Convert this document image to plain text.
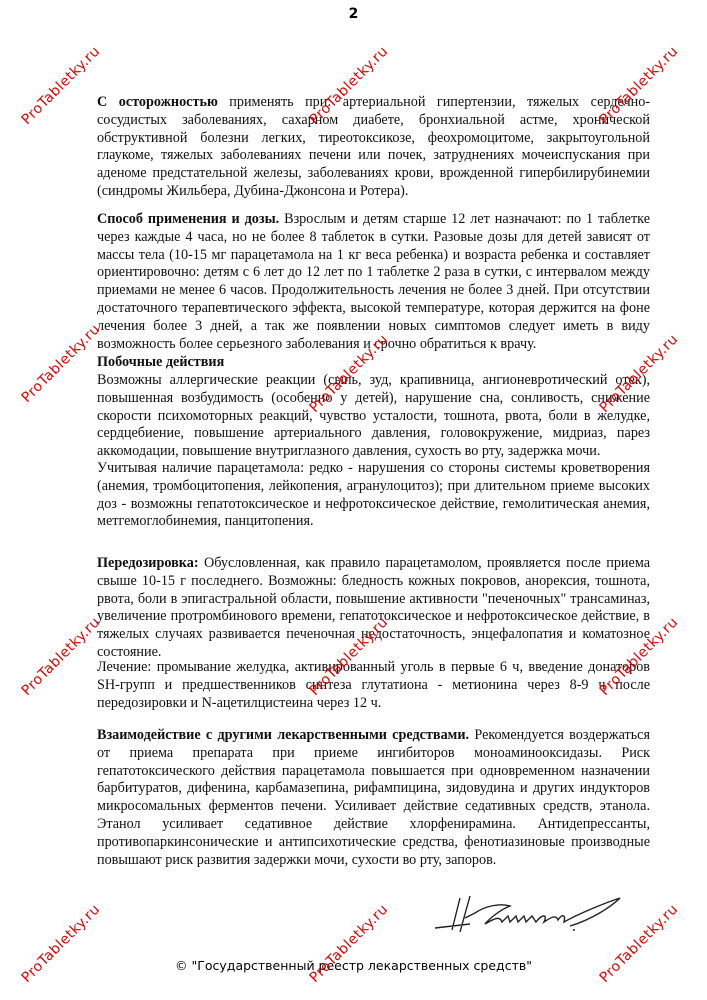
2

С осторожностью применять при: артериальной гипертензии, тяжелых сердечно-сосудистых заболеваниях, сахарном диабете, бронхиальной астме, хронической обструктивной болезни легких, тиреотоксикозе, феохромоцитоме, закрытоугольной глаукоме, тяжелых заболеваниях печени или почек, затруднениях мочеиспускания при аденоме предстательной железы, заболеваниях крови, врожденной гипербилирубинемии (синдромы Жильбера, Дубина-Джонсона и Ротера).

Способ применения и дозы. Взрослым и детям старше 12 лет назначают: по 1 таблетке через каждые 4 часа, но не более 8 таблеток в сутки. Разовые дозы для детей зависят от массы тела (10-15 мг парацетамола на 1 кг веса ребенка) и возраста ребенка и составляет ориентировочно: детям с 6 лет до 12 лет по 1 таблетке 2 раза в сутки, с интервалом между приемами не менее 6 часов. Продолжительность лечения не более 3 дней. При отсутствии достаточного терапевтического эффекта, высокой температуре, которая держится на фоне лечения более 3 дней, а так же появлении новых симптомов следует иметь в виду возможность более серьезного заболевания и срочно обратиться к врачу.

Побочные действия

Возможны аллергические реакции (сыпь, зуд, крапивница, ангионевротический отек), повышенная возбудимость (особенно у детей), нарушение сна, сонливость, снижение скорости психомоторных реакций, чувство усталости, тошнота, рвота, боли в желудке, сердцебиение, повышение артериального давления, головокружение, мидриаз, парез аккомодации, повышение внутриглазного давления, сухость во рту, задержка мочи.

Учитывая наличие парацетамола: редко - нарушения со стороны системы кроветворения (анемия, тромбоцитопения, лейкопения, агранулоцитоз); при длительном приеме высоких доз - возможны гепатотоксическое и нефротоксическое действие, гемолитическая анемия, метгемоглобинемия, панцитопения.

Передозировка: Обусловленная, как правило парацетамолом, проявляется после приема свыше 10-15 г последнего. Возможны: бледность кожных покровов, анорексия, тошнота, рвота, боли в эпигастральной области, повышение активности "печеночных" трансаминаз, увеличение протромбинового времени, гепатотоксическое и нефротоксическое действие, в тяжелых случаях развивается печеночная недостаточность, энцефалопатия и коматозное состояние.

Лечение: промывание желудка, активированный уголь в первые 6 ч, введение донаторов SH-групп и предшественников синтеза глутатиона - метионина через 8-9 ч после передозировки и N-ацетилцистеина через 12 ч.

Взаимодействие с другими лекарственными средствами. Рекомендуется воздержаться от приема препарата при приеме ингибиторов моноаминооксидазы. Риск гепатотоксического действия парацетамола повышается при одновременном назначении барбитуратов, дифенина, карбамазепина, рифампицина, зидовудина и других индукторов микросомальных ферментов печени. Усиливает действие седативных средств, этанола. Этанол усиливает седативное действие хлорфенирамина. Антидепрессанты, противопаркинсонические и антипсихотические средства, фенотиазиновые производные повышают риск развития задержки мочи, сухости во рту, запоров.

© "Государственный реестр лекарственных средств"
ProTabletky.ru	ProTabletky.ru	ProTabletky.ru
ProTabletky.ru	ProTabletky.ru	ProTabletky.ru
ProTabletky.ru	ProTabletky.ru	ProTabletky.ru
ProTabletky.ru	ProTabletky.ru	ProTabletky.ru
